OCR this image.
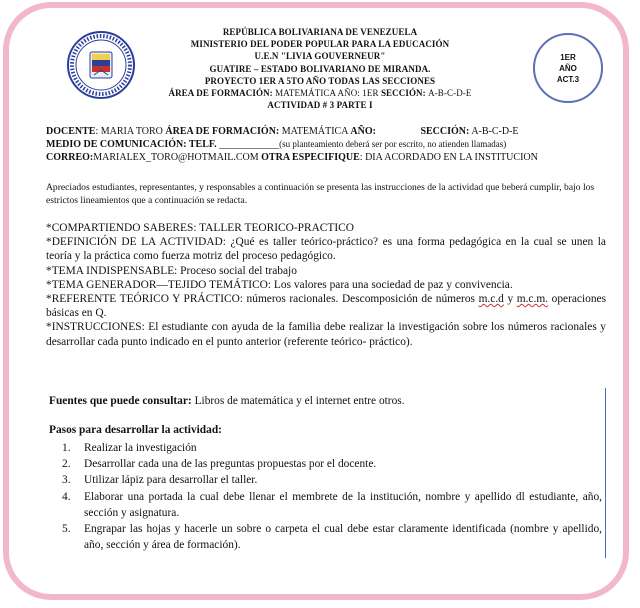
1ER
AÑO
ACT.3
REPÚBLICA BOLIVARIANA DE VENEZUELA
MINISTERIO DEL PODER POPULAR PARA LA EDUCACIÓN
U.E.N "LIVIA GOUVERNEUR"
GUATIRE – ESTADO BOLIVARIANO DE MIRANDA.
PROYECTO 1ER A 5TO AÑO TODAS LAS SECCIONES
ÁREA DE FORMACIÓN: MATEMÁTICA AÑO: 1ER SECCIÓN: A-B-C-D-E
ACTIVIDAD # 3 PARTE I
DOCENTE: MARIA TORO ÁREA DE FORMACIÓN: MATEMÁTICA AÑO:	SECCIÓN: A-B-C-D-E
MEDIO DE COMUNICACIÓN: TELF. ____________(su planteamiento deberá ser por escrito, no atienden llamadas)
CORREO:MARIALEX_TORO@HOTMAIL.COM OTRA ESPECIFIQUE: DIA ACORDADO EN LA INSTITUCION
Apreciados estudiantes, representantes, y responsables a continuación se presenta las instrucciones de la actividad que beberá cumplir, bajo los estrictos lineamientos que a continuación se redacta.

*COMPARTIENDO SABERES: TALLER TEORICO-PRACTICO

*DEFINICIÓN DE LA ACTIVIDAD: ¿Qué es taller teórico-práctico? es una forma pedagógica en la cual se unen la teoría y la práctica como fuerza motriz del proceso pedagógico.

*TEMA INDISPENSABLE: Proceso social del trabajo

*TEMA GENERADOR—TEJIDO TEMÁTICO: Los valores para una sociedad de paz y convivencia.

*REFERENTE TEÓRICO Y PRÁCTICO: números racionales. Descomposición de números m.c.d y m.c.m. operaciones básicas en Q.

*INSTRUCCIONES: El estudiante con ayuda de la familia debe realizar la investigación sobre los números racionales y desarrollar cada punto indicado en el punto anterior (referente teórico- práctico).

Fuentes que puede consultar: Libros de matemática y el internet entre otros.
Pasos para desarrollar la actividad:
1.	Realizar la investigación
2.	Desarrollar cada una de las preguntas propuestas por el docente.
3.	Utilizar lápiz para desarrollar el taller.
4.	Elaborar una portada la cual debe llenar el membrete de la institución, nombre y apellido dl estudiante, año, sección y asignatura.
5.	Engrapar las hojas y hacerle un sobre o carpeta el cual debe estar claramente identificada (nombre y apellido, año, sección y área de formación).
